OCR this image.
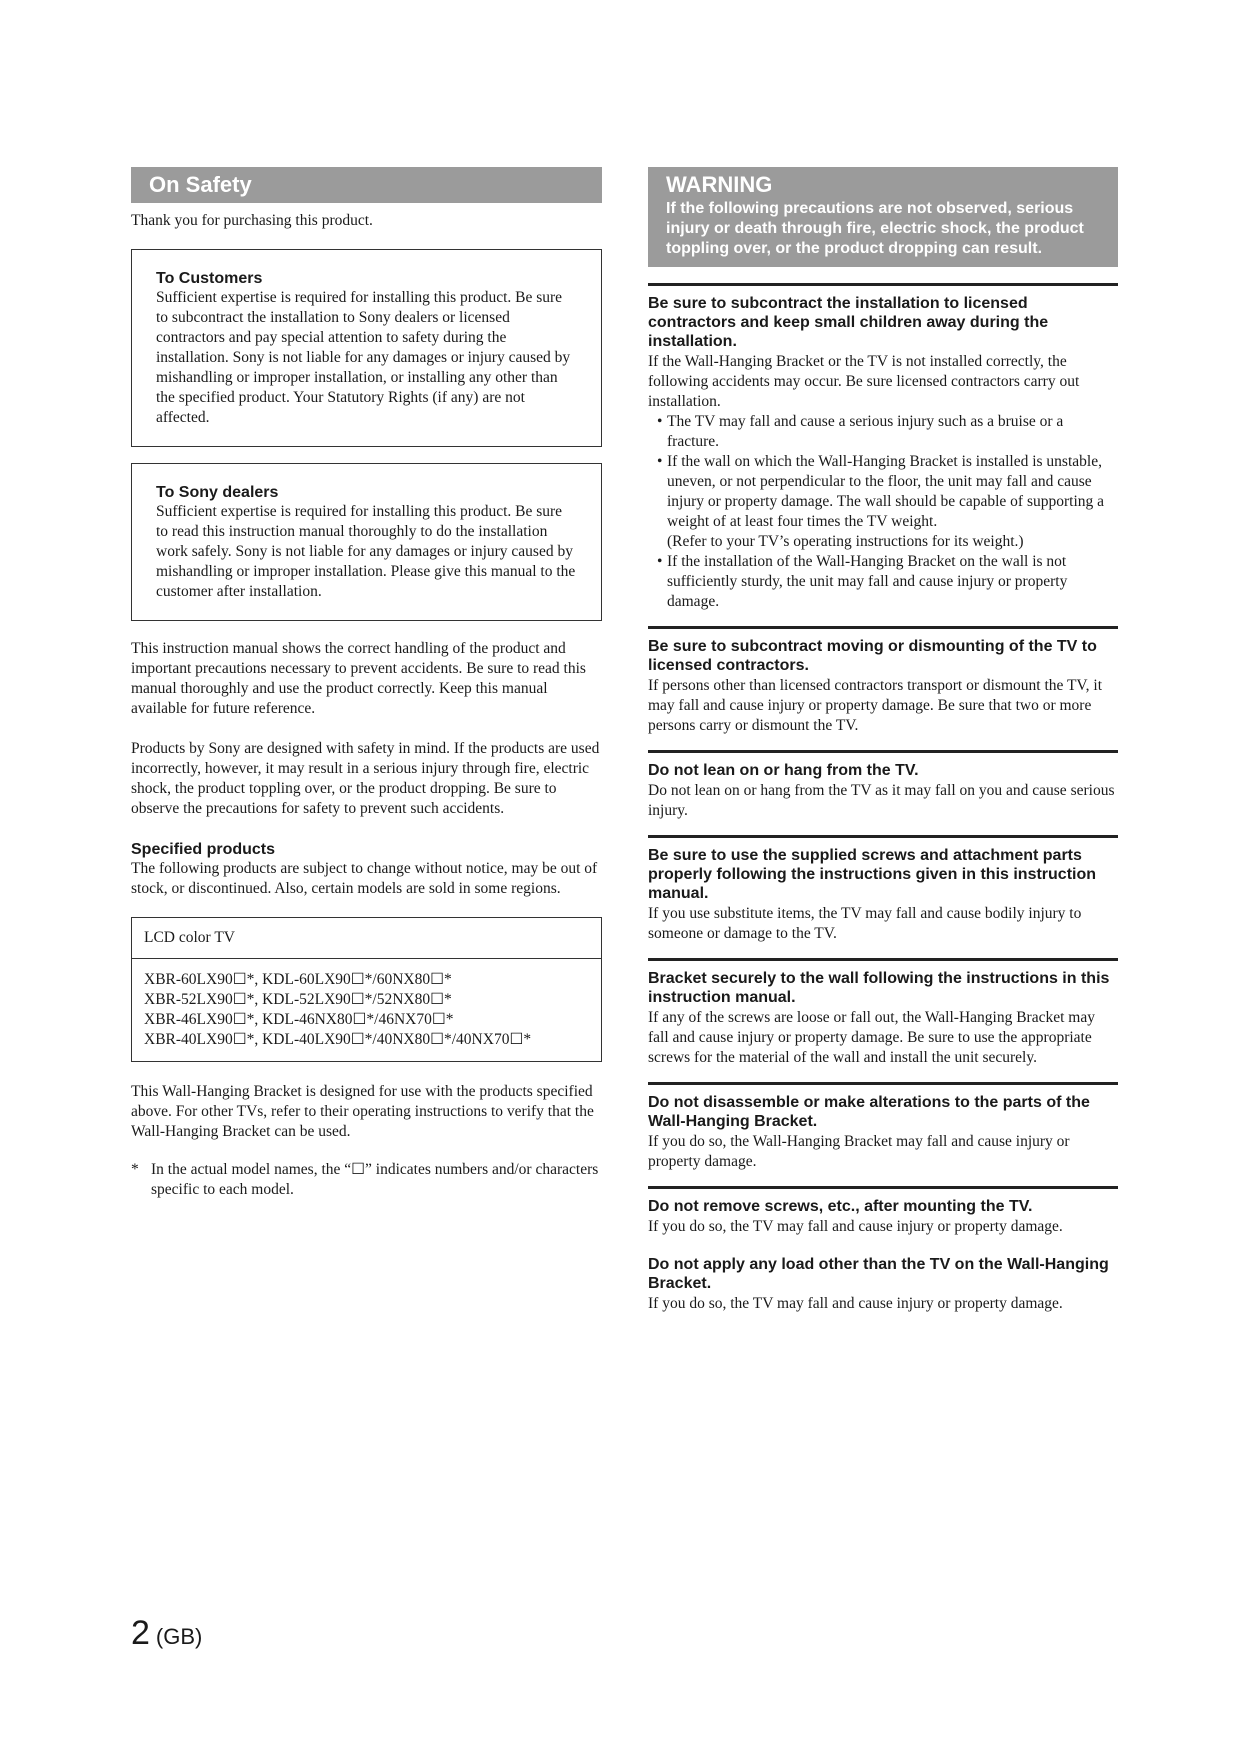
On Safety

Thank you for purchasing this product.

To Customers

Sufficient expertise is required for installing this product. Be sure to subcontract the installation to Sony dealers or licensed contractors and pay special attention to safety during the installation. Sony is not liable for any damages or injury caused by mishandling or improper installation, or installing any other than the specified product. Your Statutory Rights (if any) are not affected.

To Sony dealers

Sufficient expertise is required for installing this product. Be sure to read this instruction manual thoroughly to do the installation work safely. Sony is not liable for any damages or injury caused by mishandling or improper installation. Please give this manual to the customer after installation.

This instruction manual shows the correct handling of the product and important precautions necessary to prevent accidents. Be sure to read this manual thoroughly and use the product correctly. Keep this manual available for future reference.

Products by Sony are designed with safety in mind. If the products are used incorrectly, however, it may result in a serious injury through fire, electric shock, the product toppling over, or the product dropping. Be sure to observe the precautions for safety to prevent such accidents.

Specified products

The following products are subject to change without notice, may be out of stock, or discontinued. Also, certain models are sold in some regions.

LCD color TV
XBR-60LX90☐*, KDL-60LX90☐*/60NX80☐*
XBR-52LX90☐*, KDL-52LX90☐*/52NX80☐*
XBR-46LX90☐*, KDL-46NX80☐*/46NX70☐*
XBR-40LX90☐*, KDL-40LX90☐*/40NX80☐*/40NX70☐*

This Wall-Hanging Bracket is designed for use with the products specified above. For other TVs, refer to their operating instructions to verify that the Wall-Hanging Bracket can be used.

* In the actual model names, the “☐” indicates numbers and/or characters specific to each model.

WARNING
If the following precautions are not observed, serious injury or death through fire, electric shock, the product toppling over, or the product dropping can result.
Be sure to subcontract the installation to licensed contractors and keep small children away during the installation.

If the Wall-Hanging Bracket or the TV is not installed correctly, the following accidents may occur. Be sure licensed contractors carry out installation.

• The TV may fall and cause a serious injury such as a bruise or a fracture.
• If the wall on which the Wall-Hanging Bracket is installed is unstable, uneven, or not perpendicular to the floor, the unit may fall and cause injury or property damage. The wall should be capable of supporting a weight of at least four times the TV weight.
(Refer to your TV’s operating instructions for its weight.)
• If the installation of the Wall-Hanging Bracket on the wall is not sufficiently sturdy, the unit may fall and cause injury or property damage.
Be sure to subcontract moving or dismounting of the TV to licensed contractors.

If persons other than licensed contractors transport or dismount the TV, it may fall and cause injury or property damage. Be sure that two or more persons carry or dismount the TV.

Do not lean on or hang from the TV.

Do not lean on or hang from the TV as it may fall on you and cause serious injury.

Be sure to use the supplied screws and attachment parts properly following the instructions given in this instruction manual.

If you use substitute items, the TV may fall and cause bodily injury to someone or damage to the TV.

Bracket securely to the wall following the instructions in this instruction manual.

If any of the screws are loose or fall out, the Wall-Hanging Bracket may fall and cause injury or property damage. Be sure to use the appropriate screws for the material of the wall and install the unit securely.

Do not disassemble or make alterations to the parts of the Wall-Hanging Bracket.

If you do so, the Wall-Hanging Bracket may fall and cause injury or property damage.

Do not remove screws, etc., after mounting the TV.

If you do so, the TV may fall and cause injury or property damage.

Do not apply any load other than the TV on the Wall-Hanging Bracket.

If you do so, the TV may fall and cause injury or property damage.

2 (GB)
